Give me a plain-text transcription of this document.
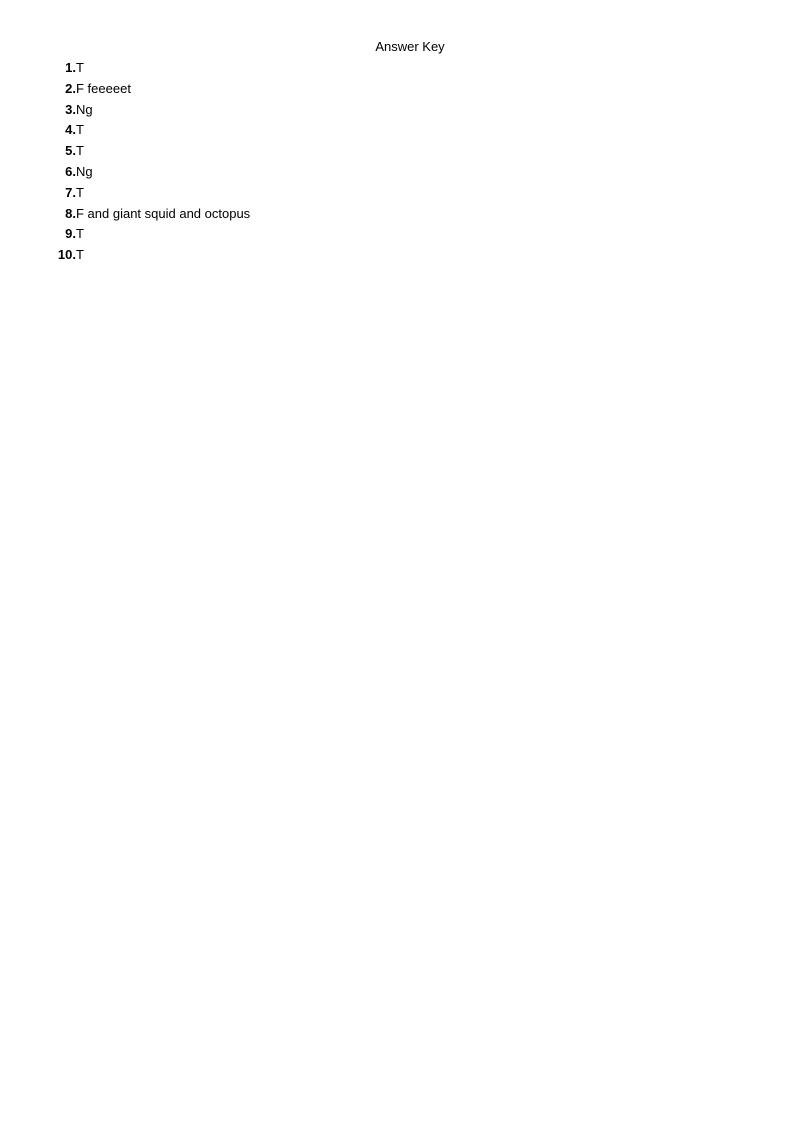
Answer Key
1. T
2. F feeeeet
3. Ng
4. T
5. T
6. Ng
7. T
8. F and giant squid and octopus
9. T
10. T
